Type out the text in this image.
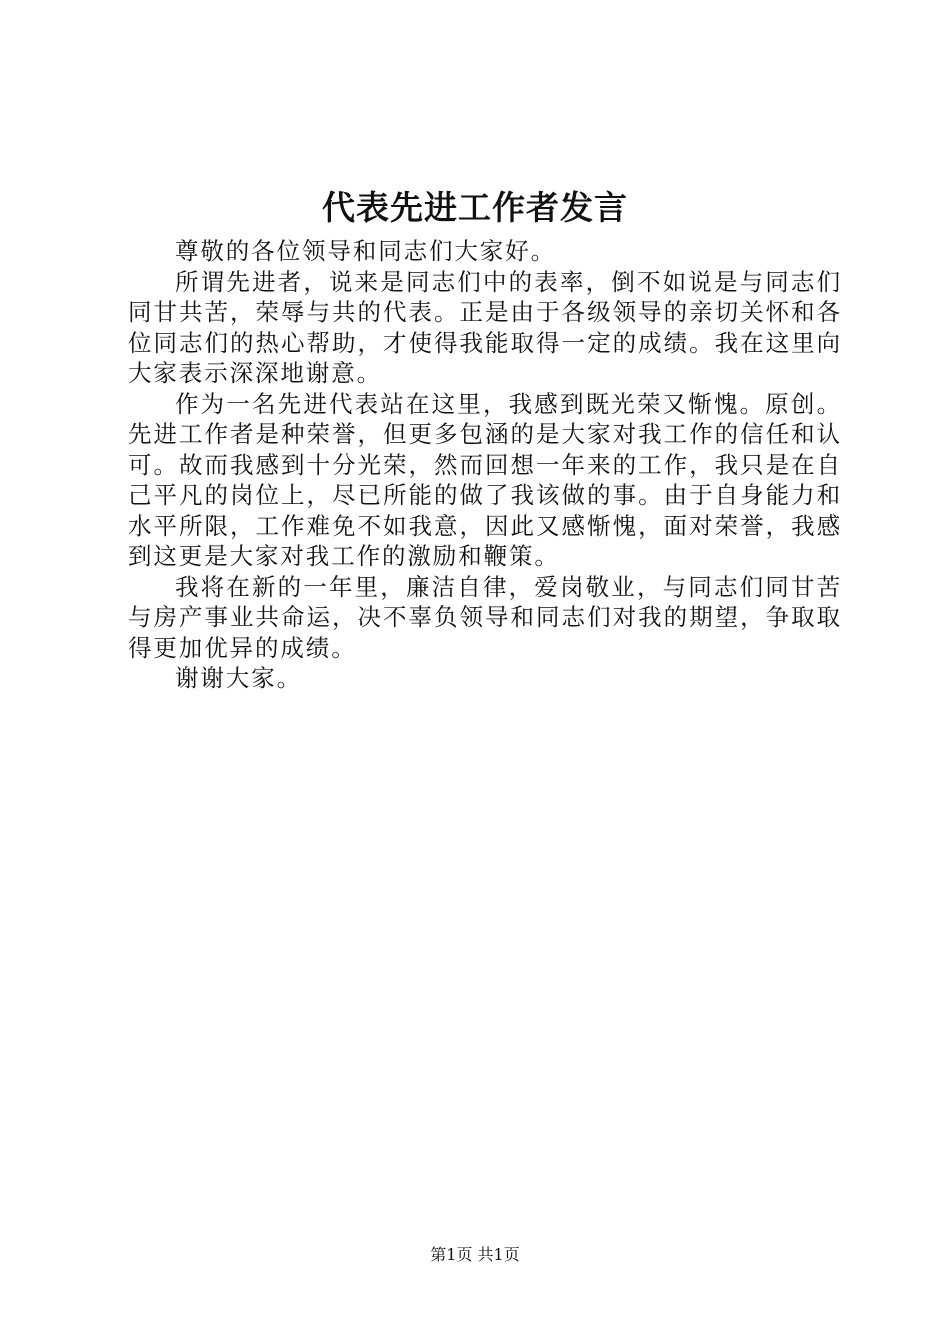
代表先进工作者发言

尊敬的各位领导和同志们大家好。

所谓先进者，说来是同志们中的表率，倒不如说是与同志们同甘共苦，荣辱与共的代表。正是由于各级领导的亲切关怀和各位同志们的热心帮助，才使得我能取得一定的成绩。我在这里向大家表示深深地谢意。

作为一名先进代表站在这里，我感到既光荣又惭愧。原创。先进工作者是种荣誉，但更多包涵的是大家对我工作的信任和认可。故而我感到十分光荣，然而回想一年来的工作，我只是在自己平凡的岗位上，尽已所能的做了我该做的事。由于自身能力和水平所限，工作难免不如我意，因此又感惭愧，面对荣誉，我感到这更是大家对我工作的激励和鞭策。

我将在新的一年里，廉洁自律，爱岗敬业，与同志们同甘苦与房产事业共命运，决不辜负领导和同志们对我的期望，争取取得更加优异的成绩。

谢谢大家。

第1页 共1页
